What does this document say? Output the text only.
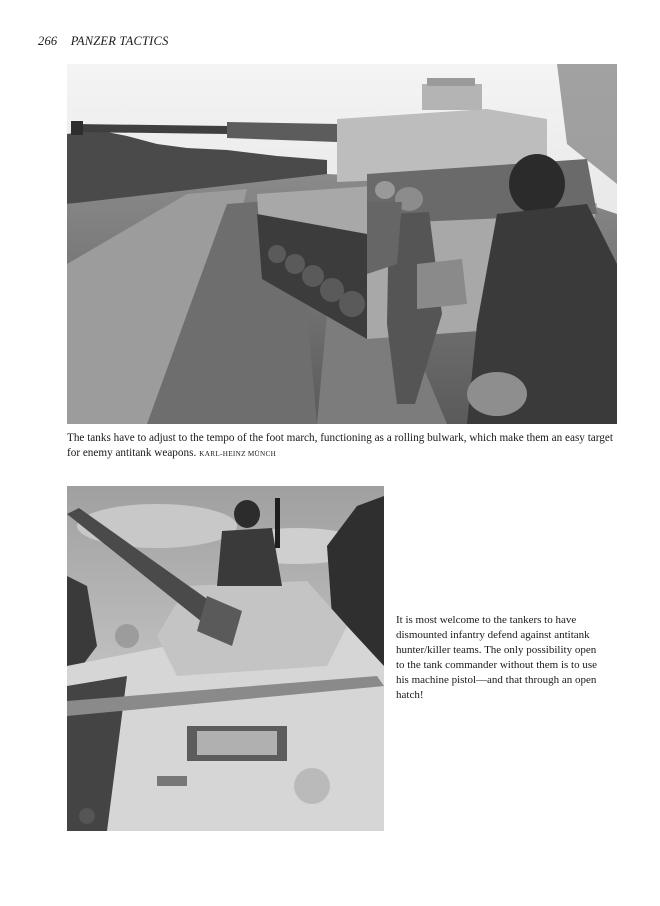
266 PANZER TACTICS
The tanks have to adjust to the tempo of the foot march, functioning as a rolling bulwark, which make them an easy target for enemy antitank weapons. KARL-HEINZ MÜNCH
It is most welcome to the tankers to have dismounted infantry defend against antitank hunter/killer teams. The only possibility open to the tank commander without them is to use his machine pistol—and that through an open hatch!
